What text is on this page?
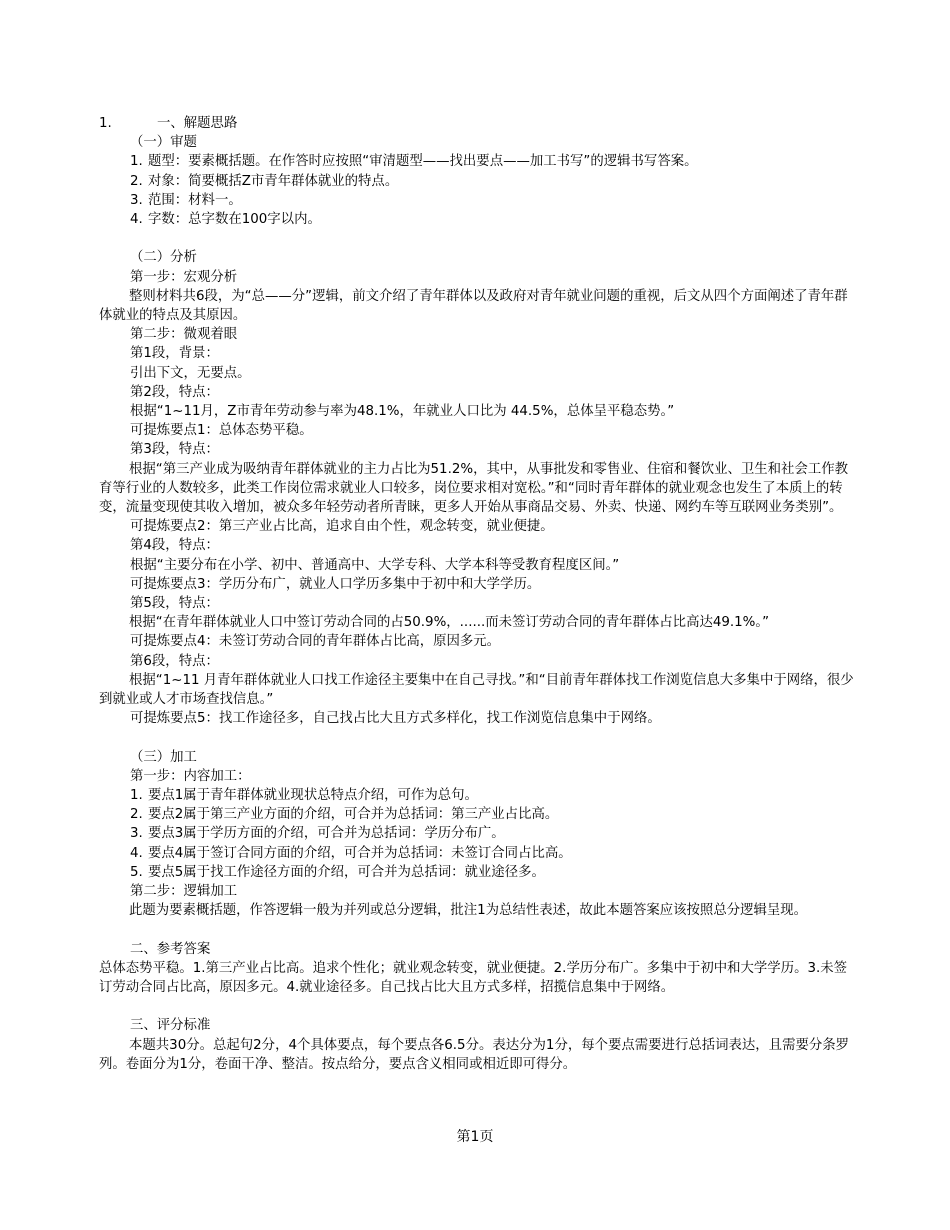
1.	一、解题思路
（一）审题
1. 题型：要素概括题。在作答时应按照“审清题型——找出要点——加工书写”的逻辑书写答案。
2. 对象：简要概括Z市青年群体就业的特点。
3. 范围：材料一。
4. 字数：总字数在100字以内。
（二）分析
第一步：宏观分析
整则材料共6段，为“总——分”逻辑，前文介绍了青年群体以及政府对青年就业问题的重视，后文从四个方面阐述了青年群体就业的特点及其原因。
第二步：微观着眼
第1段，背景：
引出下文，无要点。
第2段，特点：
根据“1~11月，Z市青年劳动参与率为48.1%，年就业人口比为 44.5%，总体呈平稳态势。”
可提炼要点1：总体态势平稳。
第3段，特点：
根据“第三产业成为吸纳青年群体就业的主力占比为51.2%，其中，从事批发和零售业、住宿和餐饮业、卫生和社会工作教育等行业的人数较多，此类工作岗位需求就业人口较多，岗位要求相对宽松。”和“同时青年群体的就业观念也发生了本质上的转变，流量变现使其收入增加，被众多年轻劳动者所青睐，更多人开始从事商品交易、外卖、快递、网约车等互联网业务类别”。
可提炼要点2：第三产业占比高，追求自由个性，观念转变，就业便捷。
第4段，特点：
根据“主要分布在小学、初中、普通高中、大学专科、大学本科等受教育程度区间。”
可提炼要点3：学历分布广，就业人口学历多集中于初中和大学学历。
第5段，特点：
根据“在青年群体就业人口中签订劳动合同的占50.9%，......而未签订劳动合同的青年群体占比高达49.1%。”
可提炼要点4：未签订劳动合同的青年群体占比高，原因多元。
第6段，特点：
根据“1~11 月青年群体就业人口找工作途径主要集中在自己寻找。”和“目前青年群体找工作浏览信息大多集中于网络，很少到就业或人才市场查找信息。”
可提炼要点5：找工作途径多，自己找占比大且方式多样化，找工作浏览信息集中于网络。
（三）加工
第一步：内容加工：
1. 要点1属于青年群体就业现状总特点介绍，可作为总句。
2. 要点2属于第三产业方面的介绍，可合并为总括词：第三产业占比高。
3. 要点3属于学历方面的介绍，可合并为总括词：学历分布广。
4. 要点4属于签订合同方面的介绍，可合并为总括词：未签订合同占比高。
5. 要点5属于找工作途径方面的介绍，可合并为总括词：就业途径多。
第二步：逻辑加工
此题为要素概括题，作答逻辑一般为并列或总分逻辑，批注1为总结性表述，故此本题答案应该按照总分逻辑呈现。
二、参考答案
总体态势平稳。1.第三产业占比高。追求个性化；就业观念转变，就业便捷。2.学历分布广。多集中于初中和大学学历。3.未签订劳动合同占比高，原因多元。4.就业途径多。自己找占比大且方式多样，招揽信息集中于网络。
三、评分标准
本题共30分。总起句2分，4个具体要点，每个要点各6.5分。表达分为1分，每个要点需要进行总括词表达，且需要分条罗列。卷面分为1分，卷面干净、整洁。按点给分，要点含义相同或相近即可得分。
第1页
